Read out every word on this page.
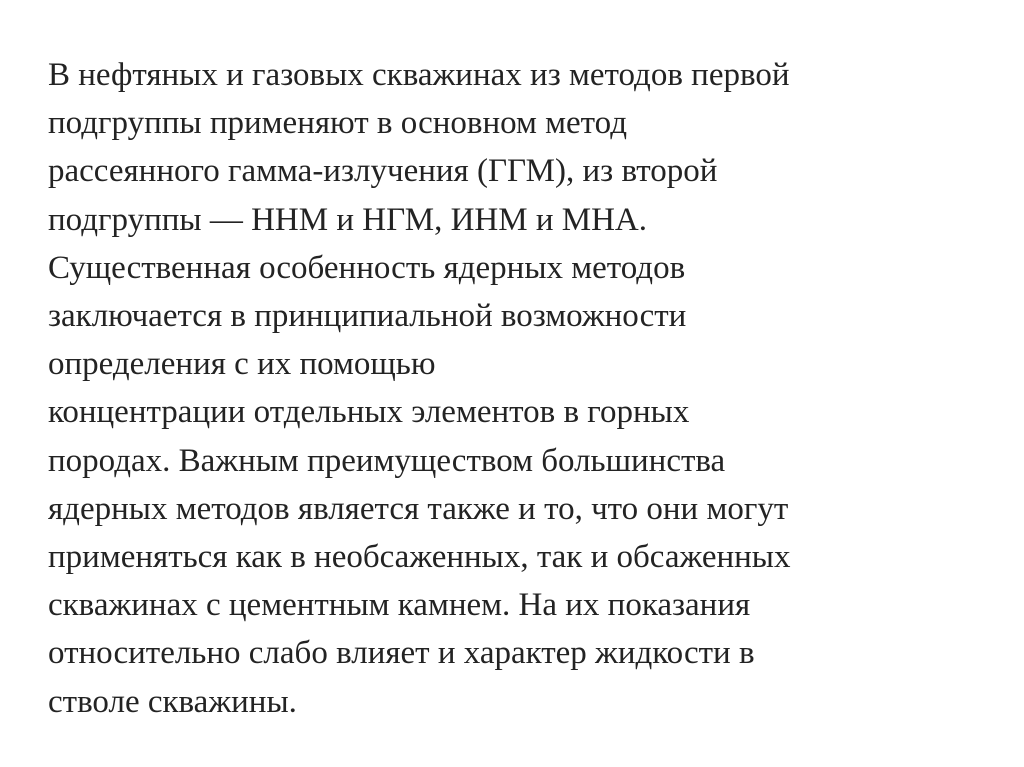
В нефтяных и газовых скважинах из методов первой
подгруппы применяют в основном метод
рассеянного гамма-излучения (ГГМ), из второй
подгруппы — ННМ и НГМ, ИНМ и МНА.
Существенная особенность ядерных методов
заключается в принципиальной возможности
определения с их помощью
концентрации отдельных элементов в горных
породах. Важным преимуществом большинства
ядерных методов является также и то, что они могут
применяться как в необсаженных, так и обсаженных
скважинах с цементным камнем. На их показания
относительно слабо влияет и характер жидкости в
стволе скважины.
